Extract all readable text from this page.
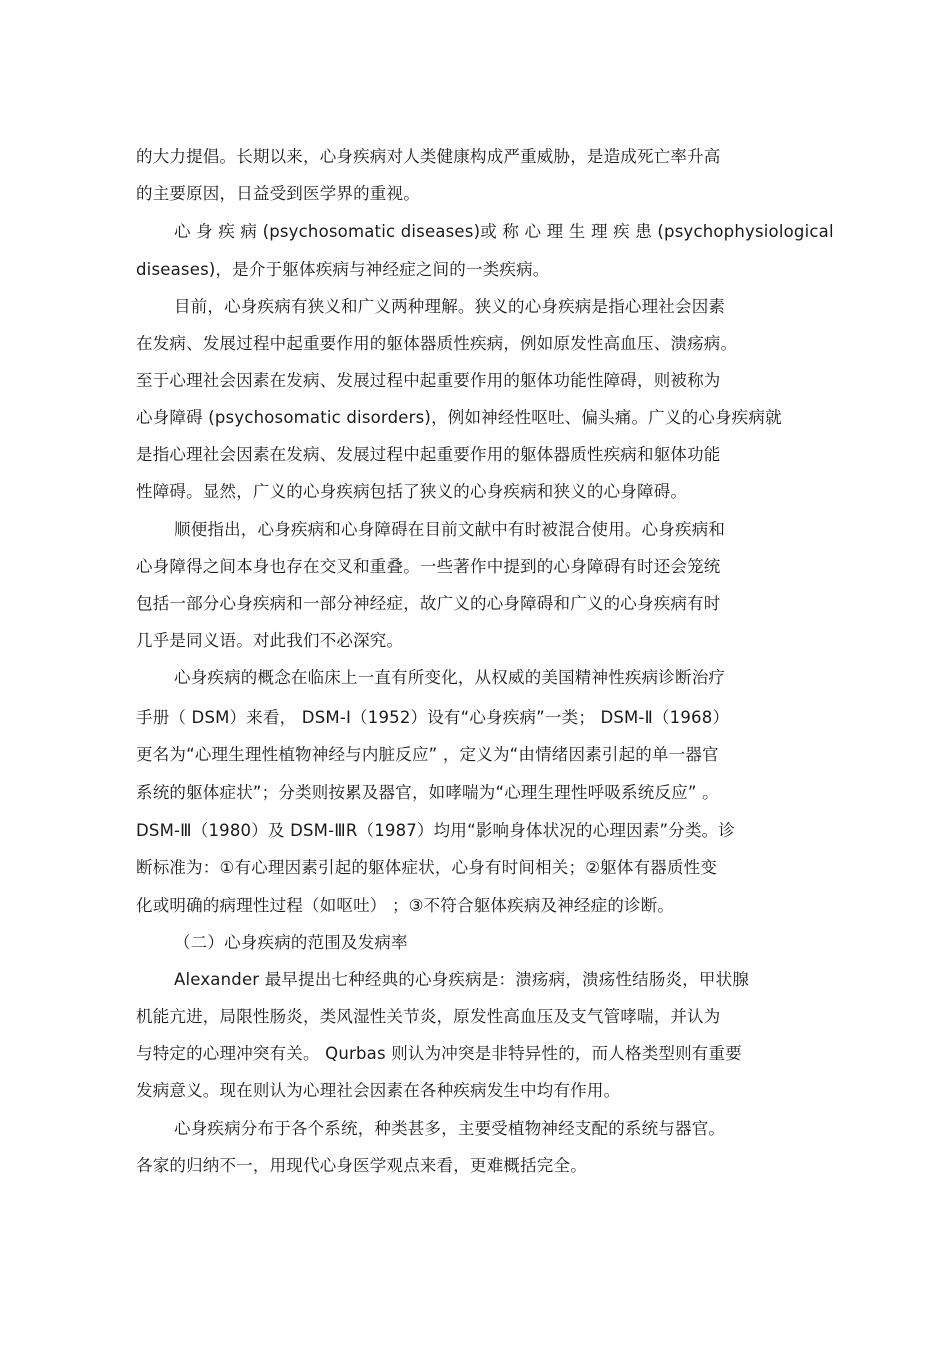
的大力提倡。长期以来，心身疾病对人类健康构成严重威胁，是造成死亡率升高
的主要原因，日益受到医学界的重视。
心 身 疾 病 (psychosomatic diseases)或 称 心 理 生 理 疾 患 (psychophysiological
diseases)，是介于躯体疾病与神经症之间的一类疾病。
目前，心身疾病有狭义和广义两种理解。狭义的心身疾病是指心理社会因素
在发病、发展过程中起重要作用的躯体器质性疾病，例如原发性高血压、溃疡病。
至于心理社会因素在发病、发展过程中起重要作用的躯体功能性障碍，则被称为
心身障碍 (psychosomatic disorders)，例如神经性呕吐、偏头痛。广义的心身疾病就
是指心理社会因素在发病、发展过程中起重要作用的躯体器质性疾病和躯体功能
性障碍。显然，广义的心身疾病包括了狭义的心身疾病和狭义的心身障碍。
顺便指出，心身疾病和心身障碍在目前文献中有时被混合使用。心身疾病和
心身障得之间本身也存在交叉和重叠。一些著作中提到的心身障碍有时还会笼统
包括一部分心身疾病和一部分神经症，故广义的心身障碍和广义的心身疾病有时
几乎是同义语。对此我们不必深究。
心身疾病的概念在临床上一直有所变化，从权威的美国精神性疾病诊断治疗
手册（ DSM）来看， DSM-Ⅰ（1952）设有“心身疾病”一类； DSM-Ⅱ（1968）
更名为“心理生理性植物神经与内脏反应” ，定义为“由情绪因素引起的单一器官
系统的躯体症状”；分类则按累及器官，如哮喘为“心理生理性呼吸系统反应” 。
DSM-Ⅲ（1980）及 DSM-ⅢR（1987）均用“影响身体状况的心理因素”分类。诊
断标准为：①有心理因素引起的躯体症状，心身有时间相关；②躯体有器质性变
化或明确的病理性过程（如呕吐） ；③不符合躯体疾病及神经症的诊断。
（二）心身疾病的范围及发病率
Alexander 最早提出七种经典的心身疾病是：溃疡病，溃疡性结肠炎，甲状腺
机能亢进，局限性肠炎，类风湿性关节炎，原发性高血压及支气管哮喘，并认为
与特定的心理冲突有关。 Qurbas 则认为冲突是非特异性的，而人格类型则有重要
发病意义。现在则认为心理社会因素在各种疾病发生中均有作用。
心身疾病分布于各个系统，种类甚多，主要受植物神经支配的系统与器官。
各家的归纳不一，用现代心身医学观点来看，更难概括完全。
